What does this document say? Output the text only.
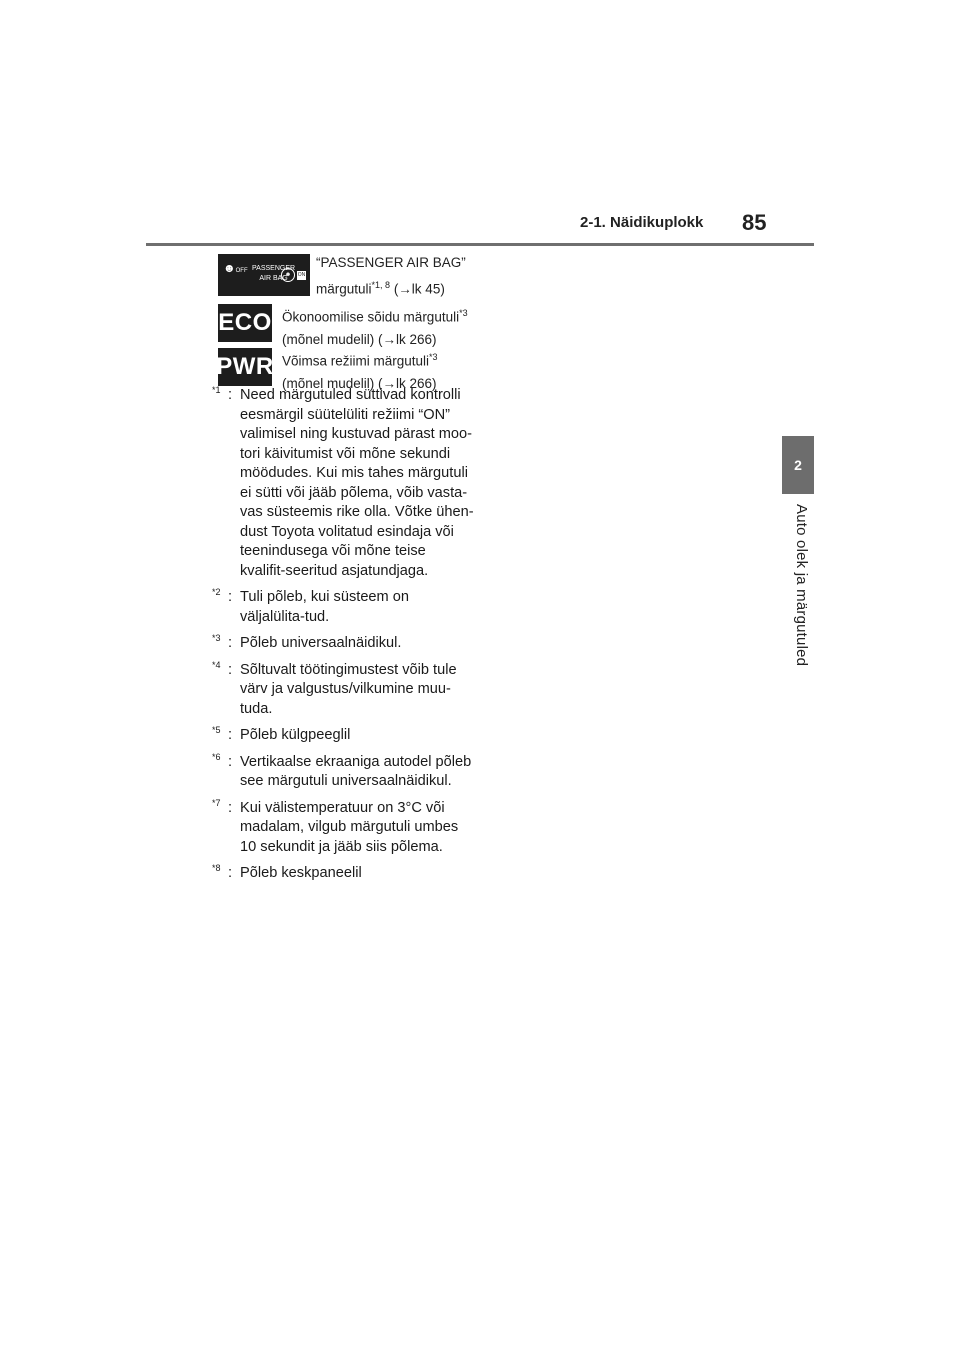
2-1. Näidikuplokk 85
2
Auto olek ja märgutuled
☻OFF PASSENGER
AIR BAG
☻	ON
“PASSENGER AIR BAG”
märgutuli$^{*1, 8}$ (→lk 45)
ECO Ökonoomilise sõidu märgutuli$^{*3}$
(mõnel mudelil) (→lk 266)
PWR Võimsa režiimi märgutuli$^{*3}$
(mõnel mudelil) (→lk 266)
*1 : Need märgutuled süttivad kontrolli eesmärgil süütelüliti režiimi “ON” valimisel ning kustuvad pärast moo-tori käivitumist või mõne sekundi möödudes. Kui mis tahes märgutuli ei sütti või jääb põlema, võib vasta-vas süsteemis rike olla. Võtke ühen-dust Toyota volitatud esindaja või teenindusega või mõne teise kvalifit-seeritud asjatundjaga.
*2 : Tuli põleb, kui süsteem on väljalülita-tud.
*3 : Põleb universaalnäidikul.
*4 : Sõltuvalt töötingimustest võib tule värv ja valgustus/vilkumine muu-tuda.
*5 : Põleb külgpeeglil
*6 : Vertikaalse ekraaniga autodel põleb see märgutuli universaalnäidikul.
*7 : Kui välistemperatuur on 3°C või madalam, vilgub märgutuli umbes 10 sekundit ja jääb siis põlema.
*8 : Põleb keskpaneelil
